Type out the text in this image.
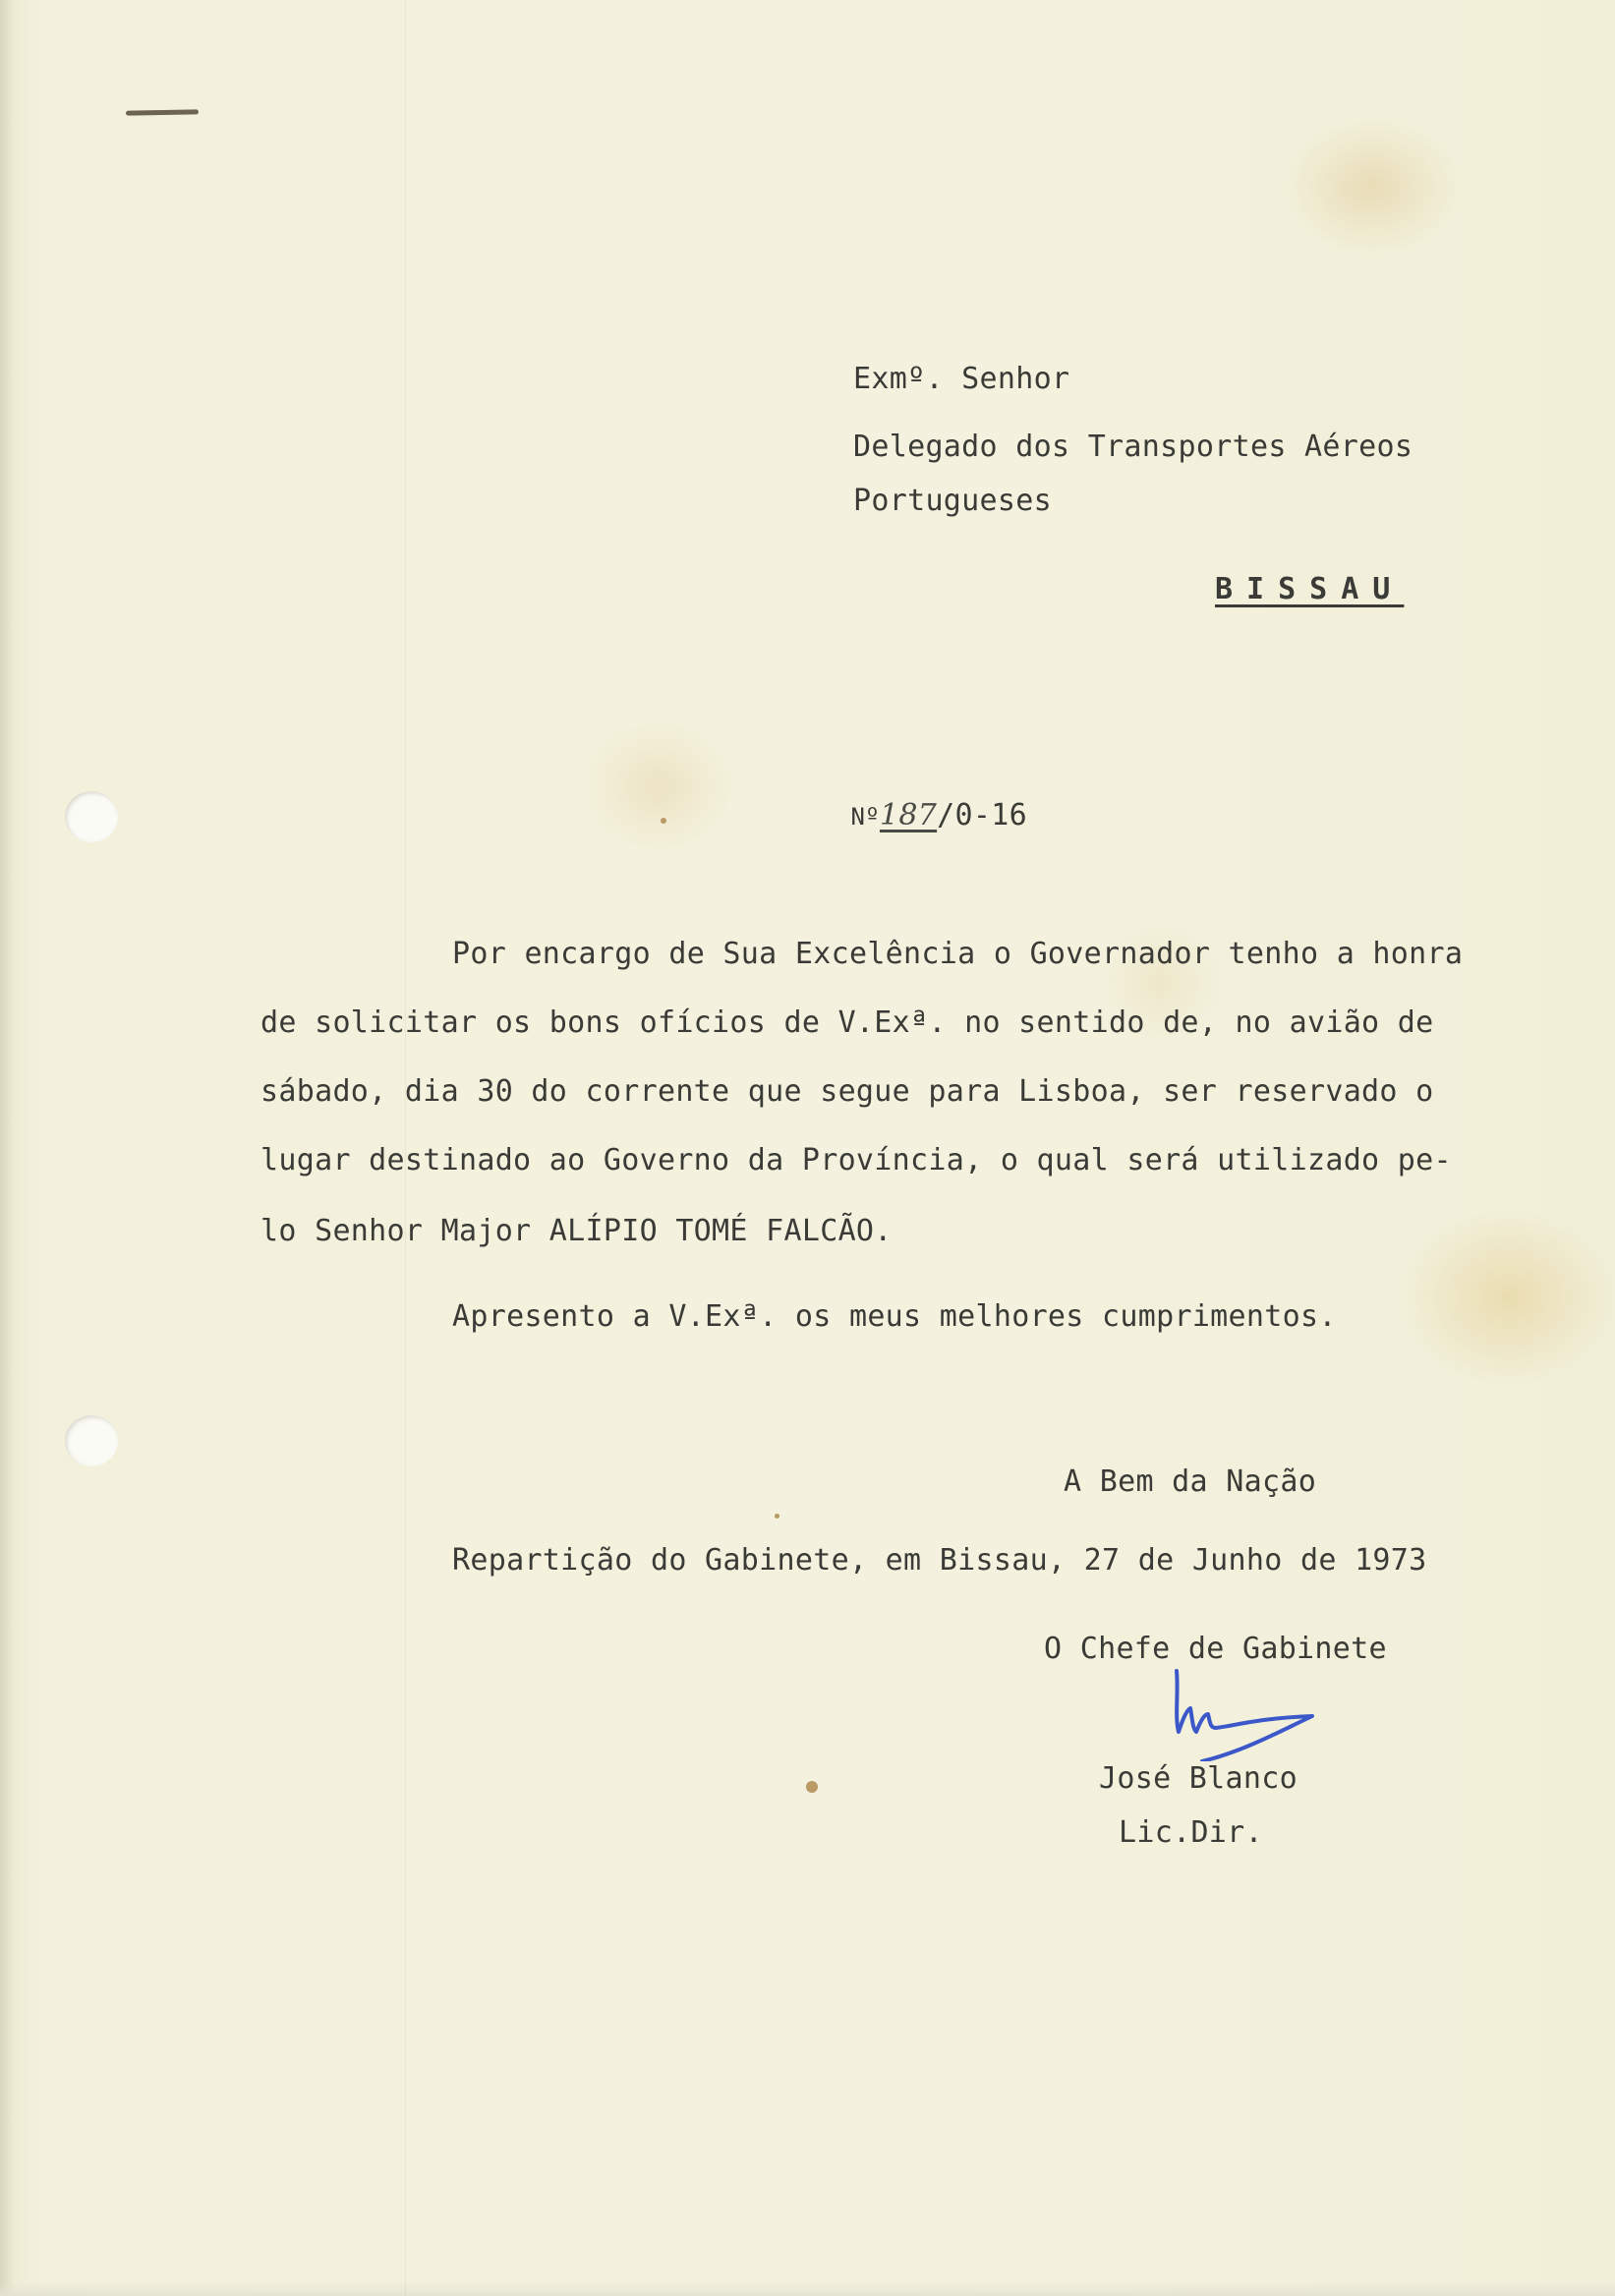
Exmº. Senhor
Delegado dos Transportes Aéreos
Portugueses
BISSAU

Nº187/0-16

Por encargo de Sua Excelência o Governador tenho a honra
de solicitar os bons ofícios de V.Exª. no sentido de, no avião de
sábado, dia 30 do corrente que segue para Lisboa, ser reservado o
lugar destinado ao Governo da Província, o qual será utilizado pe-
lo Senhor Major ALÍPIO TOMÉ FALCÃO.
Apresento a V.Exª. os meus melhores cumprimentos.
A Bem da Nação
Repartição do Gabinete, em Bissau, 27 de Junho de 1973
O Chefe de Gabinete
José Blanco
Lic.Dir.
